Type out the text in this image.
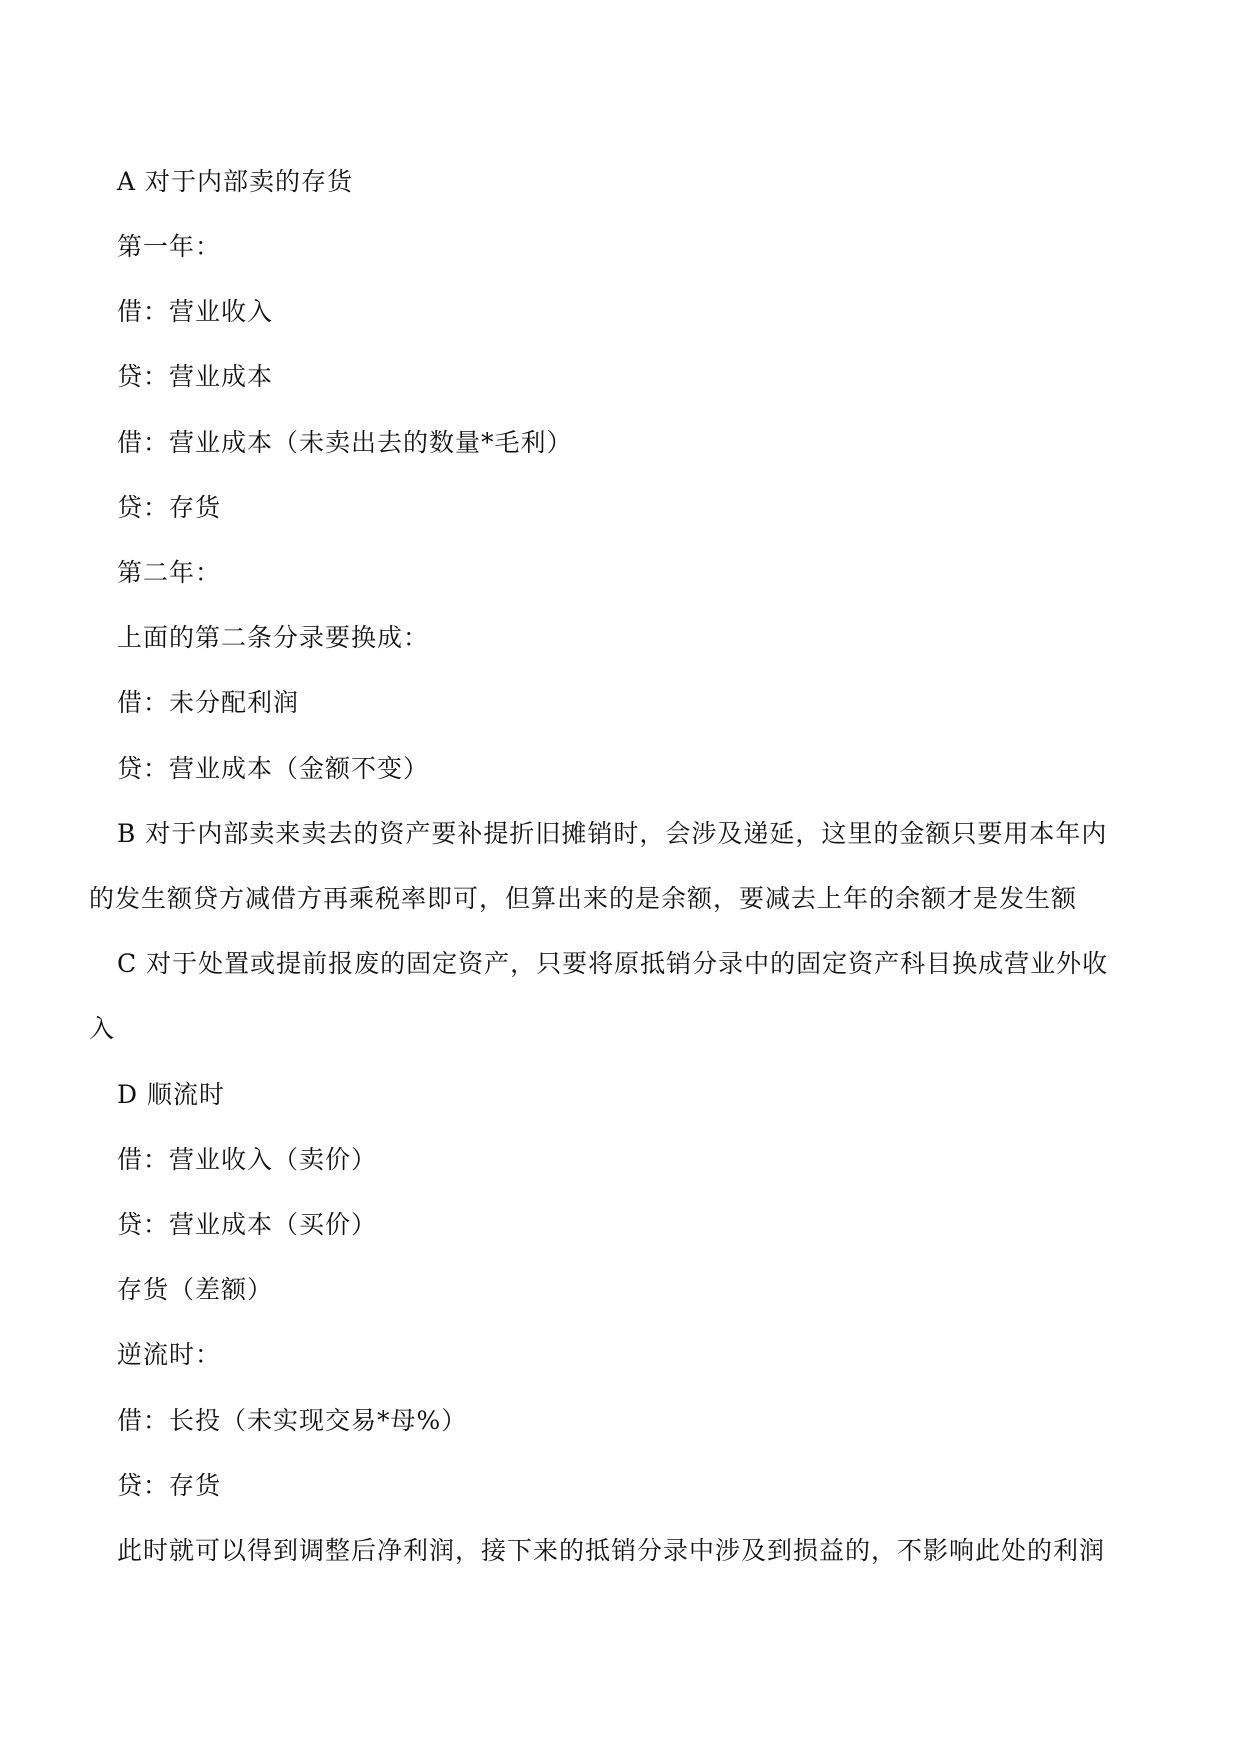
A 对于内部卖的存货
第一年：
借：营业收入
贷：营业成本
借：营业成本（未卖出去的数量*毛利）
贷：存货
第二年：
上面的第二条分录要换成：
借：未分配利润
贷：营业成本（金额不变）
B 对于内部卖来卖去的资产要补提折旧摊销时，会涉及递延，这里的金额只要用本年内
的发生额贷方减借方再乘税率即可，但算出来的是余额，要减去上年的余额才是发生额
C 对于处置或提前报废的固定资产，只要将原抵销分录中的固定资产科目换成营业外收
入
D 顺流时
借：营业收入（卖价）
贷：营业成本（买价）
存货（差额）
逆流时：
借：长投（未实现交易*母%）
贷：存货
此时就可以得到调整后净利润，接下来的抵销分录中涉及到损益的，不影响此处的利润
